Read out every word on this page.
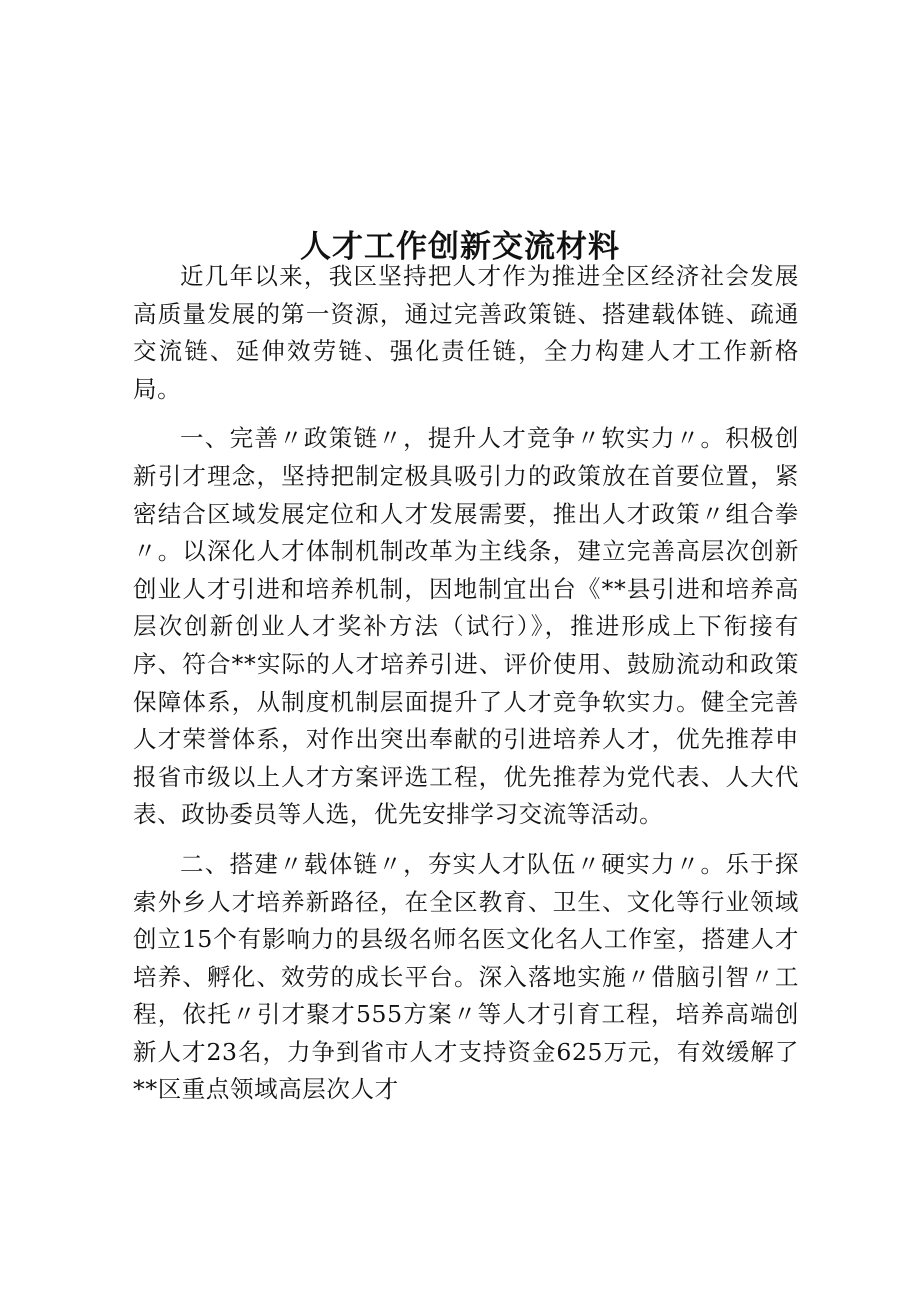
人才工作创新交流材料

近几年以来，我区坚持把人才作为推进全区经济社会发展高质量发展的第一资源，通过完善政策链、搭建载体链、疏通交流链、延伸效劳链、强化责任链，全力构建人才工作新格局。

一、完善〃政策链〃，提升人才竞争〃软实力〃。积极创新引才理念，坚持把制定极具吸引力的政策放在首要位置，紧密结合区域发展定位和人才发展需要，推出人才政策〃组合拳〃。以深化人才体制机制改革为主线条，建立完善高层次创新创业人才引进和培养机制，因地制宜出台《**县引进和培养高层次创新创业人才奖补方法（试行）》，推进形成上下衔接有序、符合**实际的人才培养引进、评价使用、鼓励流动和政策保障体系，从制度机制层面提升了人才竞争软实力。健全完善人才荣誉体系，对作出突出奉献的引进培养人才，优先推荐申报省市级以上人才方案评选工程，优先推荐为党代表、人大代表、政协委员等人选，优先安排学习交流等活动。

二、搭建〃载体链〃，夯实人才队伍〃硬实力〃。乐于探索外乡人才培养新路径，在全区教育、卫生、文化等行业领域创立15个有影响力的县级名师名医文化名人工作室，搭建人才培养、孵化、效劳的成长平台。深入落地实施〃借脑引智〃工程，依托〃引才聚才555方案〃等人才引育工程，培养高端创新人才23名，力争到省市人才支持资金625万元，有效缓解了**区重点领域高层次人才
